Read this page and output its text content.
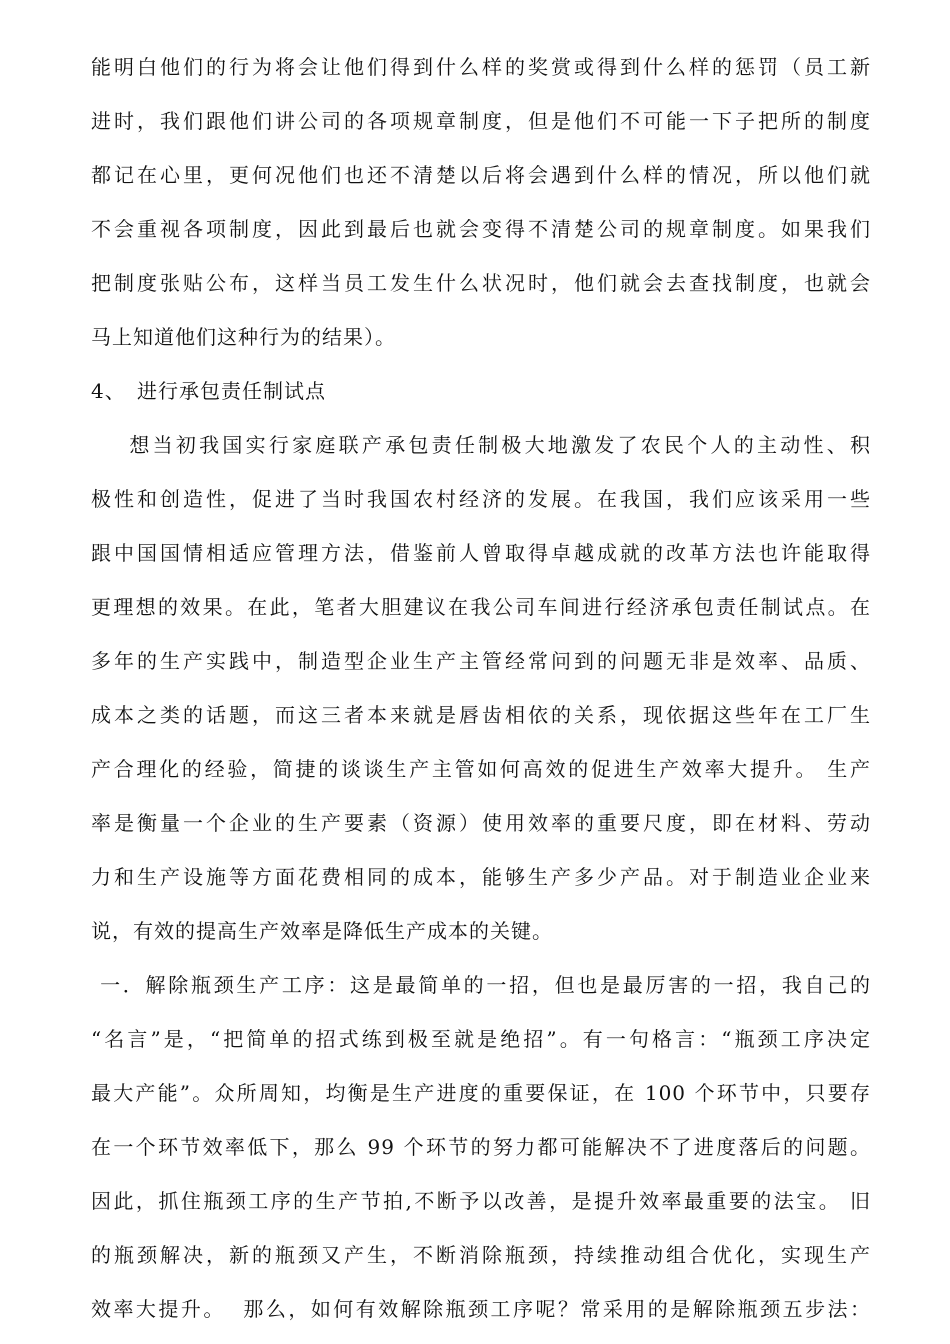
能明白他们的行为将会让他们得到什么样的奖赏或得到什么样的惩罚（员工新
进时，我们跟他们讲公司的各项规章制度，但是他们不可能一下子把所的制度
都记在心里，更何况他们也还不清楚以后将会遇到什么样的情况，所以他们就
不会重视各项制度，因此到最后也就会变得不清楚公司的规章制度。如果我们
把制度张贴公布，这样当员工发生什么状况时，他们就会去查找制度，也就会
马上知道他们这种行为的结果）。
4、 进行承包责任制试点
想当初我国实行家庭联产承包责任制极大地激发了农民个人的主动性、积
极性和创造性，促进了当时我国农村经济的发展。在我国，我们应该采用一些
跟中国国情相适应管理方法，借鉴前人曾取得卓越成就的改革方法也许能取得
更理想的效果。在此，笔者大胆建议在我公司车间进行经济承包责任制试点。在
多年的生产实践中，制造型企业生产主管经常问到的问题无非是效率、品质、
成本之类的话题，而这三者本来就是唇齿相依的关系，现依据这些年在工厂生
产合理化的经验，简捷的谈谈生产主管如何高效的促进生产效率大提升。 生产
率是衡量一个企业的生产要素（资源）使用效率的重要尺度，即在材料、劳动
力和生产设施等方面花费相同的成本，能够生产多少产品。对于制造业企业来
说，有效的提高生产效率是降低生产成本的关键。
一．解除瓶颈生产工序：这是最简单的一招，但也是最厉害的一招，我自己的
“名言”是，“把简单的招式练到极至就是绝招”。有一句格言：“瓶颈工序决定
最大产能”。众所周知，均衡是生产进度的重要保证，在 100 个环节中，只要存
在一个环节效率低下，那么 99 个环节的努力都可能解决不了进度落后的问题。
因此，抓住瓶颈工序的生产节拍,不断予以改善，是提升效率最重要的法宝。 旧
的瓶颈解决，新的瓶颈又产生，不断消除瓶颈，持续推动组合优化，实现生产
效率大提升。  那么，如何有效解除瓶颈工序呢？常采用的是解除瓶颈五步法：
